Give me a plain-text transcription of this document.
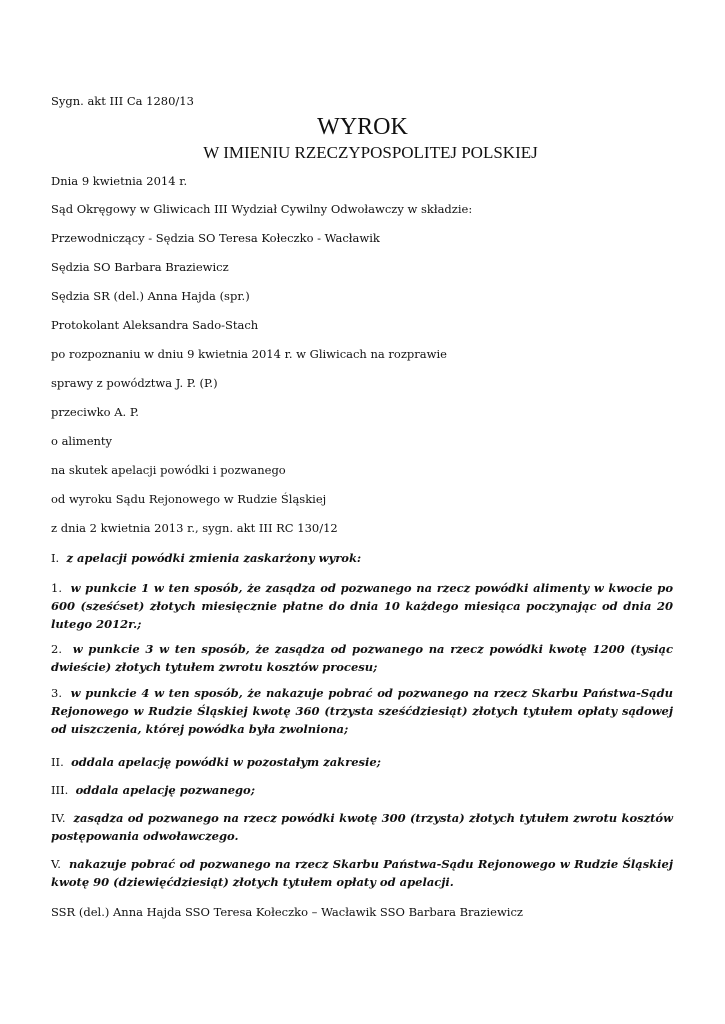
Sygn. akt III Ca 1280/13
WYROK
W IMIENIU RZECZYPOSPOLITEJ POLSKIEJ
Dnia 9 kwietnia 2014 r.
Sąd Okręgowy w Gliwicach III Wydział Cywilny Odwoławczy w składzie:
Przewodniczący - Sędzia SO Teresa Kołeczko - Wacławik
Sędzia SO Barbara Braziewicz
Sędzia SR (del.) Anna Hajda (spr.)
Protokolant Aleksandra Sado-Stach
po rozpoznaniu w dniu 9 kwietnia 2014 r. w Gliwicach na rozprawie
sprawy z powództwa J. P. (P.)
przeciwko A. P.
o alimenty
na skutek apelacji powódki i pozwanego
od wyroku Sądu Rejonowego w Rudzie Śląskiej
z dnia 2 kwietnia 2013 r., sygn. akt III RC 130/12
I. z apelacji powódki zmienia zaskarżony wyrok:
1. w punkcie 1 w ten sposób, że zasądza od pozwanego na rzecz powódki alimenty w kwocie po 600 (sześćset) złotych miesięcznie płatne do dnia 10 każdego miesiąca poczynając od dnia 20 lutego 2012r.;
2. w punkcie 3 w ten sposób, że zasądza od pozwanego na rzecz powódki kwotę 1200 (tysiąc dwieście) złotych tytułem zwrotu kosztów procesu;
3. w punkcie 4 w ten sposób, że nakazuje pobrać od pozwanego na rzecz Skarbu Państwa-Sądu Rejonowego w Rudzie Śląskiej kwotę 360 (trzysta sześćdziesiąt) złotych tytułem opłaty sądowej od uiszczenia, której powódka była zwolniona;
II. oddala apelację powódki w pozostałym zakresie;
III. oddala apelację pozwanego;
IV. zasądza od pozwanego na rzecz powódki kwotę 300 (trzysta) złotych tytułem zwrotu kosztów postępowania odwoławczego.
V. nakazuje pobrać od pozwanego na rzecz Skarbu Państwa-Sądu Rejonowego w Rudzie Śląskiej kwotę 90 (dziewięćdziesiąt) złotych tytułem opłaty od apelacji.
SSR (del.) Anna Hajda SSO Teresa Kołeczko – Wacławik SSO Barbara Braziewicz
